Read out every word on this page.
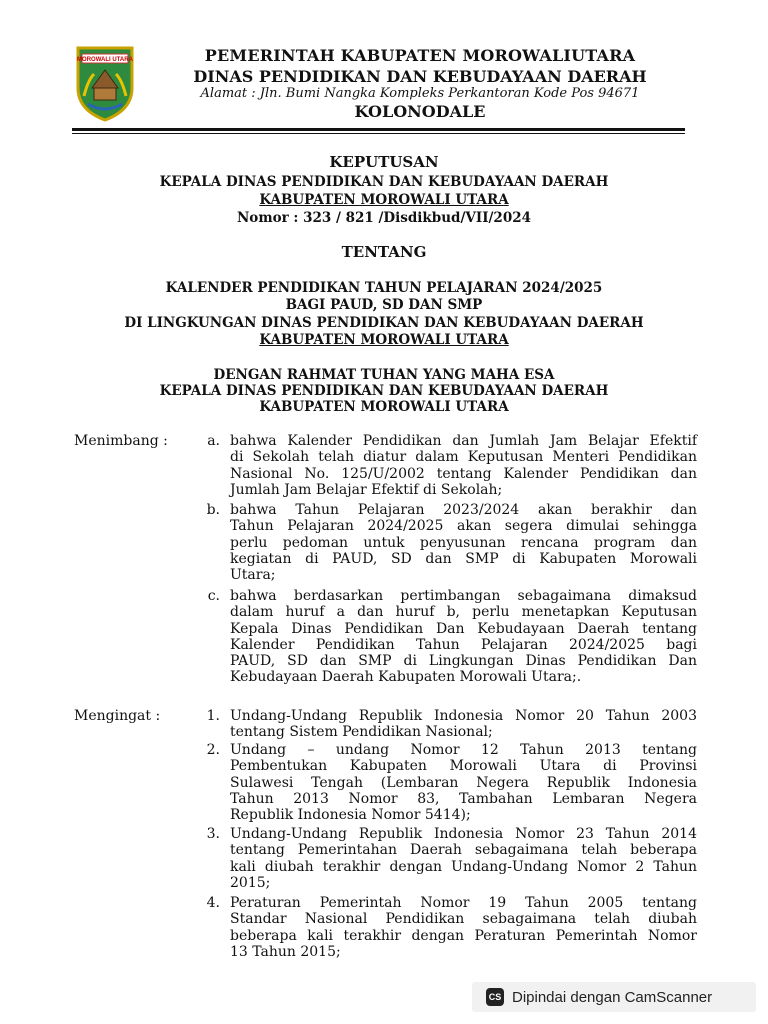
MOROWALI UTARA	PEMERINTAH KABUPATEN MOROWALIUTARA
DINAS PENDIDIKAN DAN KEBUDAYAAN DAERAH
Alamat : Jln. Bumi Nangka Kompleks Perkantoran Kode Pos 94671
KOLONODALE
KEPUTUSAN
KEPALA DINAS PENDIDIKAN DAN KEBUDAYAAN DAERAH
KABUPATEN MOROWALI UTARA
Nomor : 323 / 821 /Disdikbud/VII/2024
TENTANG
KALENDER PENDIDIKAN TAHUN PELAJARAN 2024/2025
BAGI PAUD, SD DAN SMP
DI LINGKUNGAN DINAS PENDIDIKAN DAN KEBUDAYAAN DAERAH
KABUPATEN MOROWALI UTARA
DENGAN RAHMAT TUHAN YANG MAHA ESA
KEPALA DINAS PENDIDIKAN DAN KEBUDAYAAN DAERAH
KABUPATEN MOROWALI UTARA
Menimbang :	a. bahwa Kalender Pendidikan dan Jumlah Jam Belajar Efektif
di Sekolah telah diatur dalam Keputusan Menteri Pendidikan
Nasional No. 125/U/2002 tentang Kalender Pendidikan dan
Jumlah Jam Belajar Efektif di Sekolah;
b. bahwa Tahun Pelajaran 2023/2024 akan berakhir dan
Tahun Pelajaran 2024/2025 akan segera dimulai sehingga
perlu pedoman untuk penyusunan rencana program dan
kegiatan di PAUD, SD dan SMP di Kabupaten Morowali
Utara;
c. bahwa berdasarkan pertimbangan sebagaimana dimaksud
dalam huruf a dan huruf b, perlu menetapkan Keputusan
Kepala Dinas Pendidikan Dan Kebudayaan Daerah tentang
Kalender Pendidikan Tahun Pelajaran 2024/2025 bagi
PAUD, SD dan SMP di Lingkungan Dinas Pendidikan Dan
Kebudayaan Daerah Kabupaten Morowali Utara;.
Mengingat :	1. Undang-Undang Republik Indonesia Nomor 20 Tahun 2003
tentang Sistem Pendidikan Nasional;
2. Undang – undang Nomor 12 Tahun 2013 tentang
Pembentukan Kabupaten Morowali Utara di Provinsi
Sulawesi Tengah (Lembaran Negera Republik Indonesia
Tahun 2013 Nomor 83, Tambahan Lembaran Negera
Republik Indonesia Nomor 5414);
3. Undang-Undang Republik Indonesia Nomor 23 Tahun 2014
tentang Pemerintahan Daerah sebagaimana telah beberapa
kali diubah terakhir dengan Undang-Undang Nomor 2 Tahun
2015;
4. Peraturan Pemerintah Nomor 19 Tahun 2005 tentang
Standar Nasional Pendidikan sebagaimana telah diubah
beberapa kali terakhir dengan Peraturan Pemerintah Nomor
13 Tahun 2015;
CS Dipindai dengan CamScanner
